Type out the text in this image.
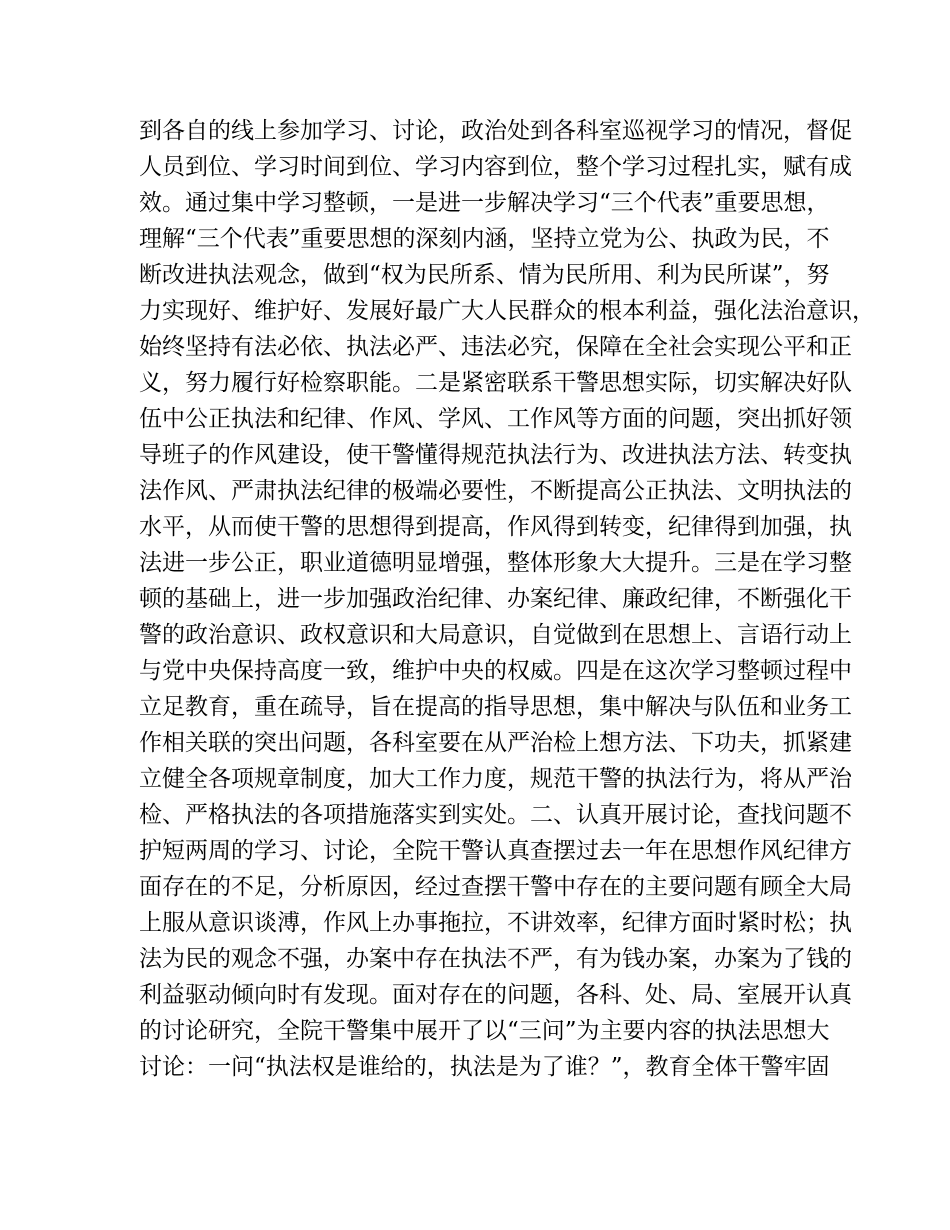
到各自的线上参加学习、讨论，政治处到各科室巡视学习的情况，督促
人员到位、学习时间到位、学习内容到位，整个学习过程扎实，赋有成
效。通过集中学习整顿，一是进一步解决学习“三个代表”重要思想，
理解“三个代表”重要思想的深刻内涵，坚持立党为公、执政为民，不
断改进执法观念，做到“权为民所系、情为民所用、利为民所谋”，努
力实现好、维护好、发展好最广大人民群众的根本利益，强化法治意识，
始终坚持有法必依、执法必严、违法必究，保障在全社会实现公平和正
义，努力履行好检察职能。二是紧密联系干警思想实际，切实解决好队
伍中公正执法和纪律、作风、学风、工作风等方面的问题，突出抓好领
导班子的作风建设，使干警懂得规范执法行为、改进执法方法、转变执
法作风、严肃执法纪律的极端必要性，不断提高公正执法、文明执法的
水平，从而使干警的思想得到提高，作风得到转变，纪律得到加强，执
法进一步公正，职业道德明显增强，整体形象大大提升。三是在学习整
顿的基础上，进一步加强政治纪律、办案纪律、廉政纪律，不断强化干
警的政治意识、政权意识和大局意识，自觉做到在思想上、言语行动上
与党中央保持高度一致，维护中央的权威。四是在这次学习整顿过程中
立足教育，重在疏导，旨在提高的指导思想，集中解决与队伍和业务工
作相关联的突出问题，各科室要在从严治检上想方法、下功夫，抓紧建
立健全各项规章制度，加大工作力度，规范干警的执法行为，将从严治
检、严格执法的各项措施落实到实处。二、认真开展讨论，查找问题不
护短两周的学习、讨论，全院干警认真查摆过去一年在思想作风纪律方
面存在的不足，分析原因，经过查摆干警中存在的主要问题有顾全大局
上服从意识谈溥，作风上办事拖拉，不讲效率，纪律方面时紧时松；执
法为民的观念不强，办案中存在执法不严，有为钱办案，办案为了钱的
利益驱动倾向时有发现。面对存在的问题，各科、处、局、室展开认真
的讨论研究，全院干警集中展开了以“三问”为主要内容的执法思想大
讨论：一问“执法权是谁给的，执法是为了谁？”，教育全体干警牢固
